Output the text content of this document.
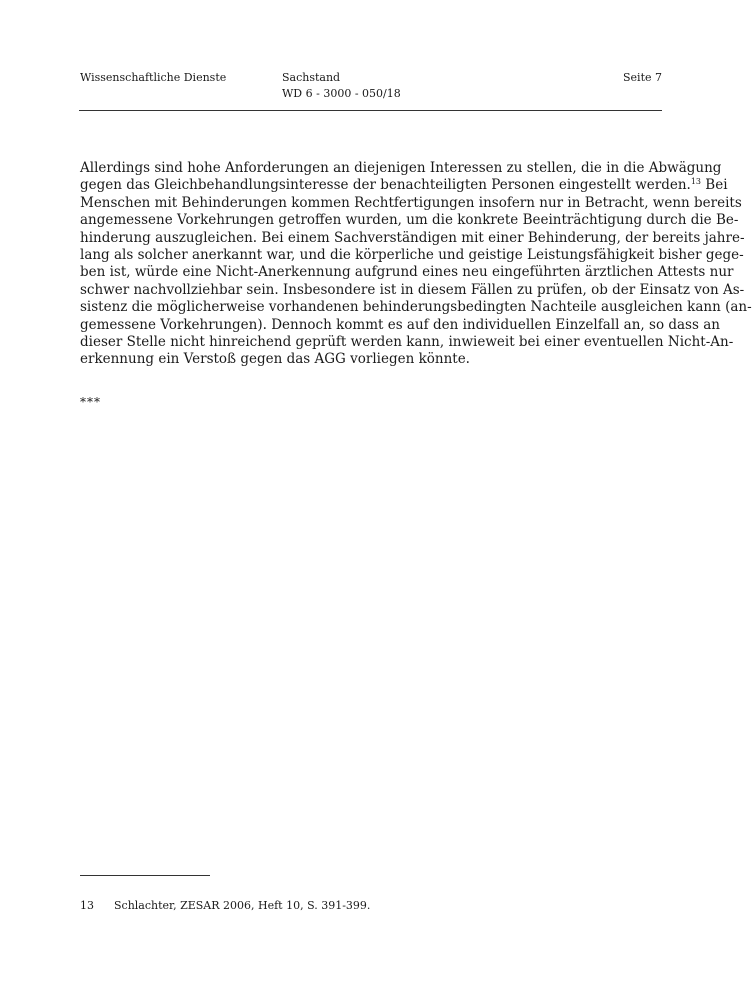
Wissenschaftliche Dienste	Sachstand
WD 6 - 3000 - 050/18
Seite 7
Allerdings sind hohe Anforderungen an diejenigen Interessen zu stellen, die in die Abwägung
gegen das Gleichbehandlungsinteresse der benachteiligten Personen eingestellt werden.$^{13}$ Bei
Menschen mit Behinderungen kommen Rechtfertigungen insofern nur in Betracht, wenn bereits
angemessene Vorkehrungen getroffen wurden, um die konkrete Beeinträchtigung durch die Be-
hinderung auszugleichen. Bei einem Sachverständigen mit einer Behinderung, der bereits jahre-
lang als solcher anerkannt war, und die körperliche und geistige Leistungsfähigkeit bisher gege-
ben ist, würde eine Nicht-Anerkennung aufgrund eines neu eingeführten ärztlichen Attests nur
schwer nachvollziehbar sein. Insbesondere ist in diesem Fällen zu prüfen, ob der Einsatz von As-
sistenz die möglicherweise vorhandenen behinderungsbedingten Nachteile ausgleichen kann (an-
gemessene Vorkehrungen). Dennoch kommt es auf den individuellen Einzelfall an, so dass an
dieser Stelle nicht hinreichend geprüft werden kann, inwieweit bei einer eventuellen Nicht-An-
erkennung ein Verstoß gegen das AGG vorliegen könnte.
***
13 Schlachter, ZESAR 2006, Heft 10, S. 391-399.
